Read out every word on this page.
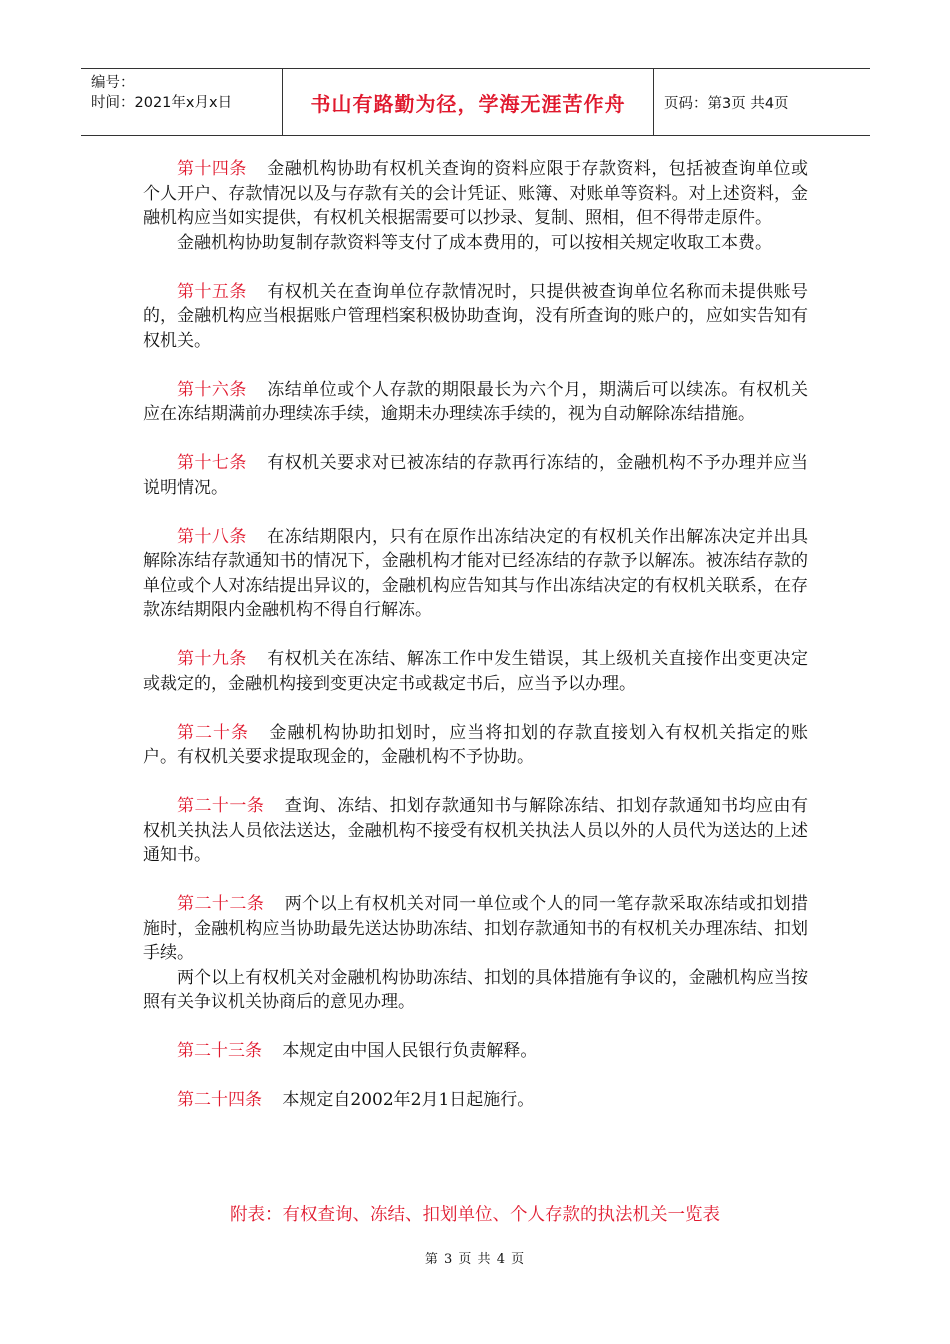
编号：
时间：2021年x月x日	书山有路勤为径，学海无涯苦作舟	页码：第3页 共4页

第十四条 金融机构协助有权机关查询的资料应限于存款资料，包括被查询单位或个人开户、存款情况以及与存款有关的会计凭证、账簿、对账单等资料。对上述资料，金融机构应当如实提供，有权机关根据需要可以抄录、复制、照相，但不得带走原件。

金融机构协助复制存款资料等支付了成本费用的，可以按相关规定收取工本费。

第十五条 有权机关在查询单位存款情况时，只提供被查询单位名称而未提供账号的，金融机构应当根据账户管理档案积极协助查询，没有所查询的账户的，应如实告知有权机关。

第十六条 冻结单位或个人存款的期限最长为六个月，期满后可以续冻。有权机关应在冻结期满前办理续冻手续，逾期未办理续冻手续的，视为自动解除冻结措施。

第十七条 有权机关要求对已被冻结的存款再行冻结的，金融机构不予办理并应当说明情况。

第十八条 在冻结期限内，只有在原作出冻结决定的有权机关作出解冻决定并出具解除冻结存款通知书的情况下，金融机构才能对已经冻结的存款予以解冻。被冻结存款的单位或个人对冻结提出异议的，金融机构应告知其与作出冻结决定的有权机关联系，在存款冻结期限内金融机构不得自行解冻。

第十九条 有权机关在冻结、解冻工作中发生错误，其上级机关直接作出变更决定或裁定的，金融机构接到变更决定书或裁定书后，应当予以办理。

第二十条 金融机构协助扣划时，应当将扣划的存款直接划入有权机关指定的账户。有权机关要求提取现金的，金融机构不予协助。

第二十一条 查询、冻结、扣划存款通知书与解除冻结、扣划存款通知书均应由有权机关执法人员依法送达，金融机构不接受有权机关执法人员以外的人员代为送达的上述通知书。

第二十二条 两个以上有权机关对同一单位或个人的同一笔存款采取冻结或扣划措施时，金融机构应当协助最先送达协助冻结、扣划存款通知书的有权机关办理冻结、扣划手续。

两个以上有权机关对金融机构协助冻结、扣划的具体措施有争议的，金融机构应当按照有关争议机关协商后的意见办理。

第二十三条 本规定由中国人民银行负责解释。

第二十四条 本规定自2002年2月1日起施行。

附表：有权查询、冻结、扣划单位、个人存款的执法机关一览表
第 3 页 共 4 页
